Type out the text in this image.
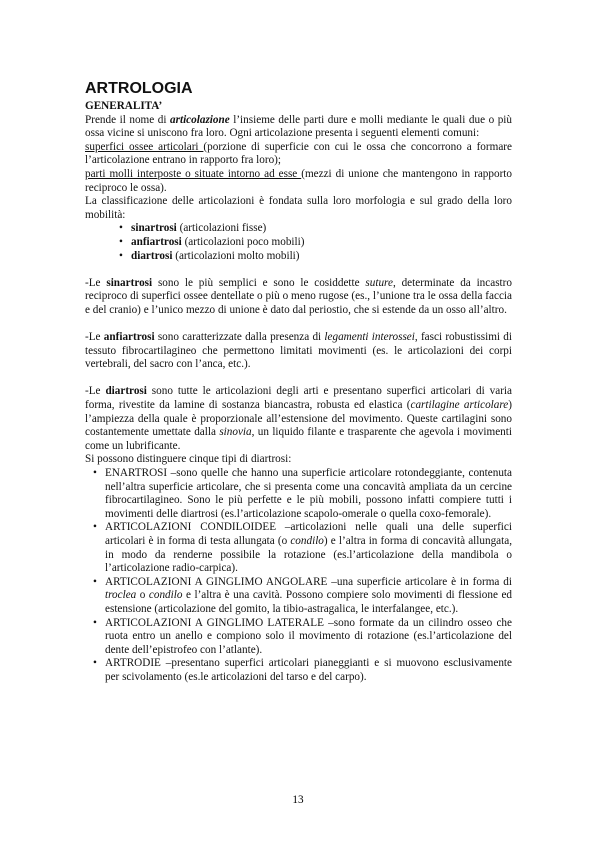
ARTROLOGIA

GENERALITA’

Prende il nome di articolazione l’insieme delle parti dure e molli mediante le quali due o più ossa vicine si uniscono fra loro. Ogni articolazione presenta i seguenti elementi comuni:

superfici ossee articolari (porzione di superficie con cui le ossa che concorrono a formare l’articolazione entrano in rapporto fra loro);

parti molli interposte o situate intorno ad esse (mezzi di unione che mantengono in rapporto reciproco le ossa).

La classificazione delle articolazioni è fondata sulla loro morfologia e sul grado della loro mobilità:

• sinartrosi (articolazioni fisse)
• anfiartrosi (articolazioni poco mobili)
• diartrosi (articolazioni molto mobili)

-Le sinartrosi sono le più semplici e sono le cosiddette suture, determinate da incastro reciproco di superfici ossee dentellate o più o meno rugose (es., l’unione tra le ossa della faccia e del cranio) e l’unico mezzo di unione è dato dal periostio, che si estende da un osso all’altro.

-Le anfiartrosi sono caratterizzate dalla presenza di legamenti interossei, fasci robustissimi di tessuto fibrocartilagineo che permettono limitati movimenti (es. le articolazioni dei corpi vertebrali, del sacro con l’anca, etc.).

-Le diartrosi sono tutte le articolazioni degli arti e presentano superfici articolari di varia forma, rivestite da lamine di sostanza biancastra, robusta ed elastica (cartilagine articolare) l’ampiezza della quale è proporzionale all’estensione del movimento. Queste cartilagini sono costantemente umettate dalla sinovia, un liquido filante e trasparente che agevola i movimenti come un lubrificante.

Si possono distinguere cinque tipi di diartrosi:

• ENARTROSI –sono quelle che hanno una superficie articolare rotondeggiante, contenuta nell’altra superficie articolare, che si presenta come una concavità ampliata da un cercine fibrocartilagineo. Sono le più perfette e le più mobili, possono infatti compiere tutti i movimenti delle diartrosi (es.l’articolazione scapolo-omerale o quella coxo-femorale).
• ARTICOLAZIONI CONDILOIDEE –articolazioni nelle quali una delle superfici articolari è in forma di testa allungata (o condilo) e l’altra in forma di concavità allungata, in modo da renderne possibile la rotazione (es.l’articolazione della mandibola o l’articolazione radio-carpica).
• ARTICOLAZIONI A GINGLIMO ANGOLARE –una superficie articolare è in forma di troclea o condilo e l’altra è una cavità. Possono compiere solo movimenti di flessione ed estensione (articolazione del gomito, la tibio-astragalica, le interfalangee, etc.).
• ARTICOLAZIONI A GINGLIMO LATERALE –sono formate da un cilindro osseo che ruota entro un anello e compiono solo il movimento di rotazione (es.l’articolazione del dente dell’epistrofeo con l’atlante).
• ARTRODIE –presentano superfici articolari pianeggianti e si muovono esclusivamente per scivolamento (es.le articolazioni del tarso e del carpo).
13
